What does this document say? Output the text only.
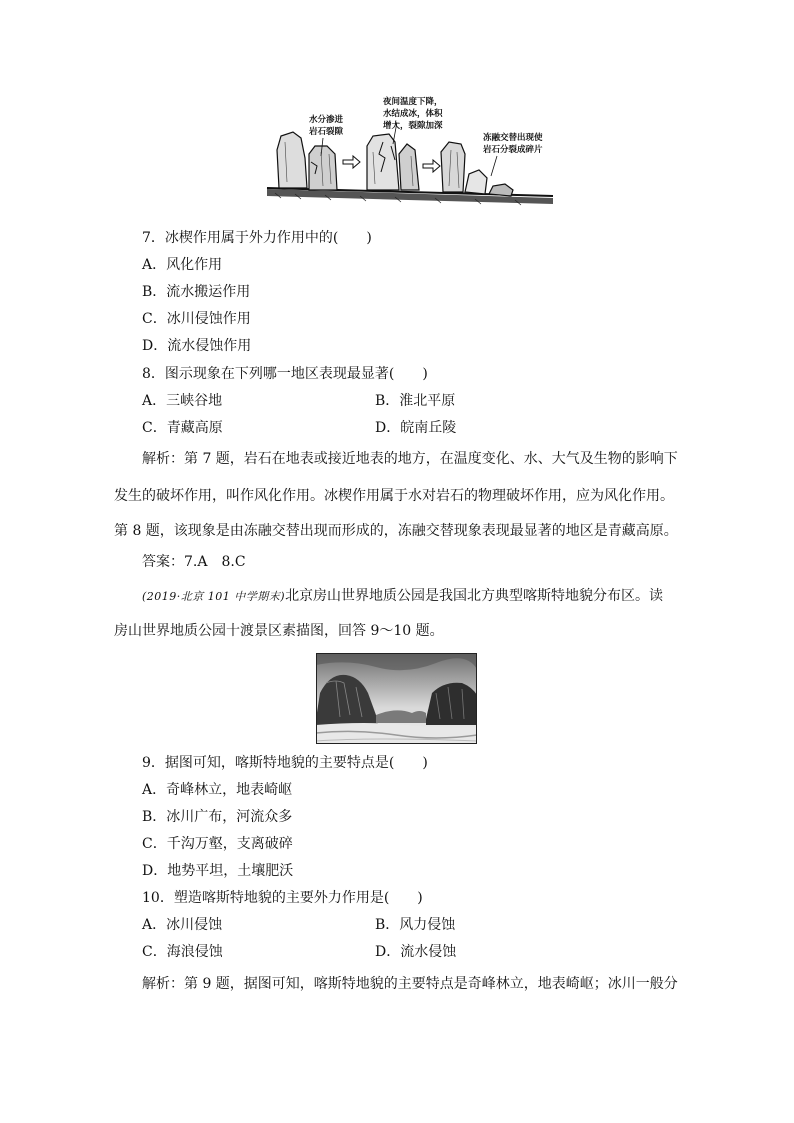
水分渗进
岩石裂隙
夜间温度下降，
水结成冰，体积
增大，裂隙加深
冻融交替出现使
岩石分裂成碎片
7．冰楔作用属于外力作用中的(　　)
A．风化作用
B．流水搬运作用
C．冰川侵蚀作用
D．流水侵蚀作用
8．图示现象在下列哪一地区表现最显著(　　)
A．三峡谷地	B．淮北平原
C．青藏高原	D．皖南丘陵
解析：第 7 题，岩石在地表或接近地表的地方，在温度变化、水、大气及生物的影响下
发生的破坏作用，叫作风化作用。冰楔作用属于水对岩石的物理破坏作用，应为风化作用。
第 8 题，该现象是由冻融交替出现而形成的，冻融交替现象表现最显著的地区是青藏高原。
答案：7.A　8.C
(2019·北京 101 中学期末)北京房山世界地质公园是我国北方典型喀斯特地貌分布区。读
房山世界地质公园十渡景区素描图，回答 9～10 题。
9．据图可知，喀斯特地貌的主要特点是(　　)
A．奇峰林立，地表崎岖
B．冰川广布，河流众多
C．千沟万壑，支离破碎
D．地势平坦，土壤肥沃
10．塑造喀斯特地貌的主要外力作用是(　　)
A．冰川侵蚀	B．风力侵蚀
C．海浪侵蚀	D．流水侵蚀
解析：第 9 题，据图可知，喀斯特地貌的主要特点是奇峰林立，地表崎岖；冰川一般分
